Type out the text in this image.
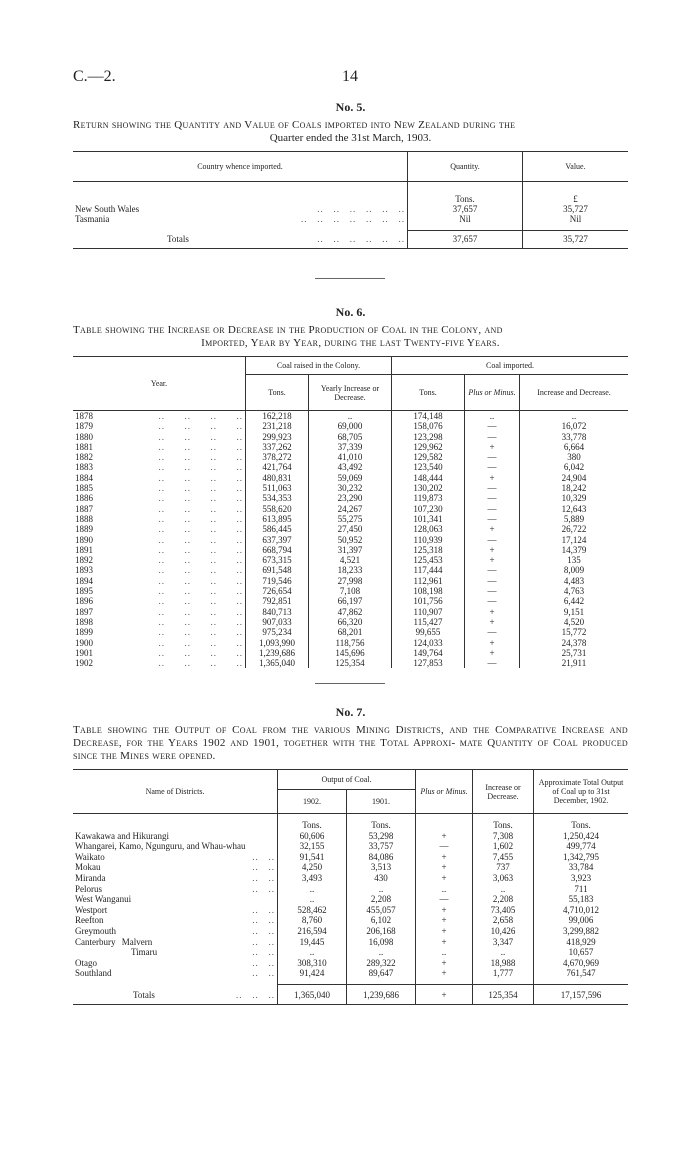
C.—2.	14
No. 5.
Return showing the Quantity and Value of Coals imported into New Zealand during the
Quarter ended the 31st March, 1903.
Country whence imported.	Quantity.	Value.

	Tons.	£
New South Wales ..   ..   ..   ..   ..   ..	37,657	35,727
Tasmania ..   ..   ..   ..   ..   ..   ..	Nil	Nil

Totals ..   ..   ..   ..   ..   ..	37,657	35,727
No. 6.
Table showing the Increase or Decrease in the Production of Coal in the Colony, and
Imported, Year by Year, during the last Twenty-five Years.
Year.	Coal raised in the Colony.		Coal imported.		
	Tons.	Yearly Increase or Decrease.	Tons.	Plus or Minus.	Increase and Decrease.
1878 ..      ..      ..      ..	162,218	..	174,148	..	..
1879 ..      ..      ..      ..	231,218	69,000	158,076	—	16,072
1880 ..      ..      ..      ..	299,923	68,705	123,298	—	33,778
1881 ..      ..      ..      ..	337,262	37,339	129,962	+	6,664
1882 ..      ..      ..      ..	378,272	41,010	129,582	—	380
1883 ..      ..      ..      ..	421,764	43,492	123,540	—	6,042
1884 ..      ..      ..      ..	480,831	59,069	148,444	+	24,904
1885 ..      ..      ..      ..	511,063	30,232	130,202	—	18,242
1886 ..      ..      ..      ..	534,353	23,290	119,873	—	10,329
1887 ..      ..      ..      ..	558,620	24,267	107,230	—	12,643
1888 ..      ..      ..      ..	613,895	55,275	101,341	—	5,889
1889 ..      ..      ..      ..	586,445	27,450	128,063	+	26,722
1890 ..      ..      ..      ..	637,397	50,952	110,939	—	17,124
1891 ..      ..      ..      ..	668,794	31,397	125,318	+	14,379
1892 ..      ..      ..      ..	673,315	4,521	125,453	+	135
1893 ..      ..      ..      ..	691,548	18,233	117,444	—	8,009
1894 ..      ..      ..      ..	719,546	27,998	112,961	—	4,483
1895 ..      ..      ..      ..	726,654	7,108	108,198	—	4,763
1896 ..      ..      ..      ..	792,851	66,197	101,756	—	6,442
1897 ..      ..      ..      ..	840,713	47,862	110,907	+	9,151
1898 ..      ..      ..      ..	907,033	66,320	115,427	+	4,520
1899 ..      ..      ..      ..	975,234	68,201	99,655	—	15,772
1900 ..      ..      ..      ..	1,093,990	118,756	124,033	+	24,378
1901 ..      ..      ..      ..	1,239,686	145,696	149,764	+	25,731
1902 ..      ..      ..      ..	1,365,040	125,354	127,853	—	21,911
No. 7.
Table showing the Output of Coal from the various Mining Districts, and the Comparative Increase and Decrease, for the Years 1902 and 1901, together with the Total Approxi- mate Quantity of Coal produced since the Mines were opened.
Name of Districts.	Output of Coal.		Plus or Minus.	Increase or Decrease.	Approximate Total Output of Coal up to 31st December, 1902.
	1902.	1901.			

	Tons.	Tons.		Tons.	Tons.
Kawakawa and Hikurangi	60,606	53,298	+	7,308	1,250,424
Whangarei, Kamo, Ngunguru, and Whau-whau	32,155	33,757	—	1,602	499,774
Waikato ..   ..	91,541	84,086	+	7,455	1,342,795
Mokau ..   ..	4,250	3,513	+	737	33,784
Miranda ..   ..	3,493	430	+	3,063	3,923
Pelorus ..   ..	..	..	..	..	711
West Wanganui	..	2,208	—	2,208	55,183
Westport ..   ..	528,462	455,057	+	73,405	4,710,012
Reefton ..   ..	8,760	6,102	+	2,658	99,006
Greymouth ..   ..	216,594	206,168	+	10,426	3,299,882
Canterbury Malvern ..   ..	19,445	16,098	+	3,347	418,929
Timaru ..   ..	..	..	..	..	10,657
Otago ..   ..	308,310	289,322	+	18,988	4,670,969
Southland ..   ..	91,424	89,647	+	1,777	761,547

Totals ..   ..   ..	1,365,040	1,239,686	+	125,354	17,157,596
